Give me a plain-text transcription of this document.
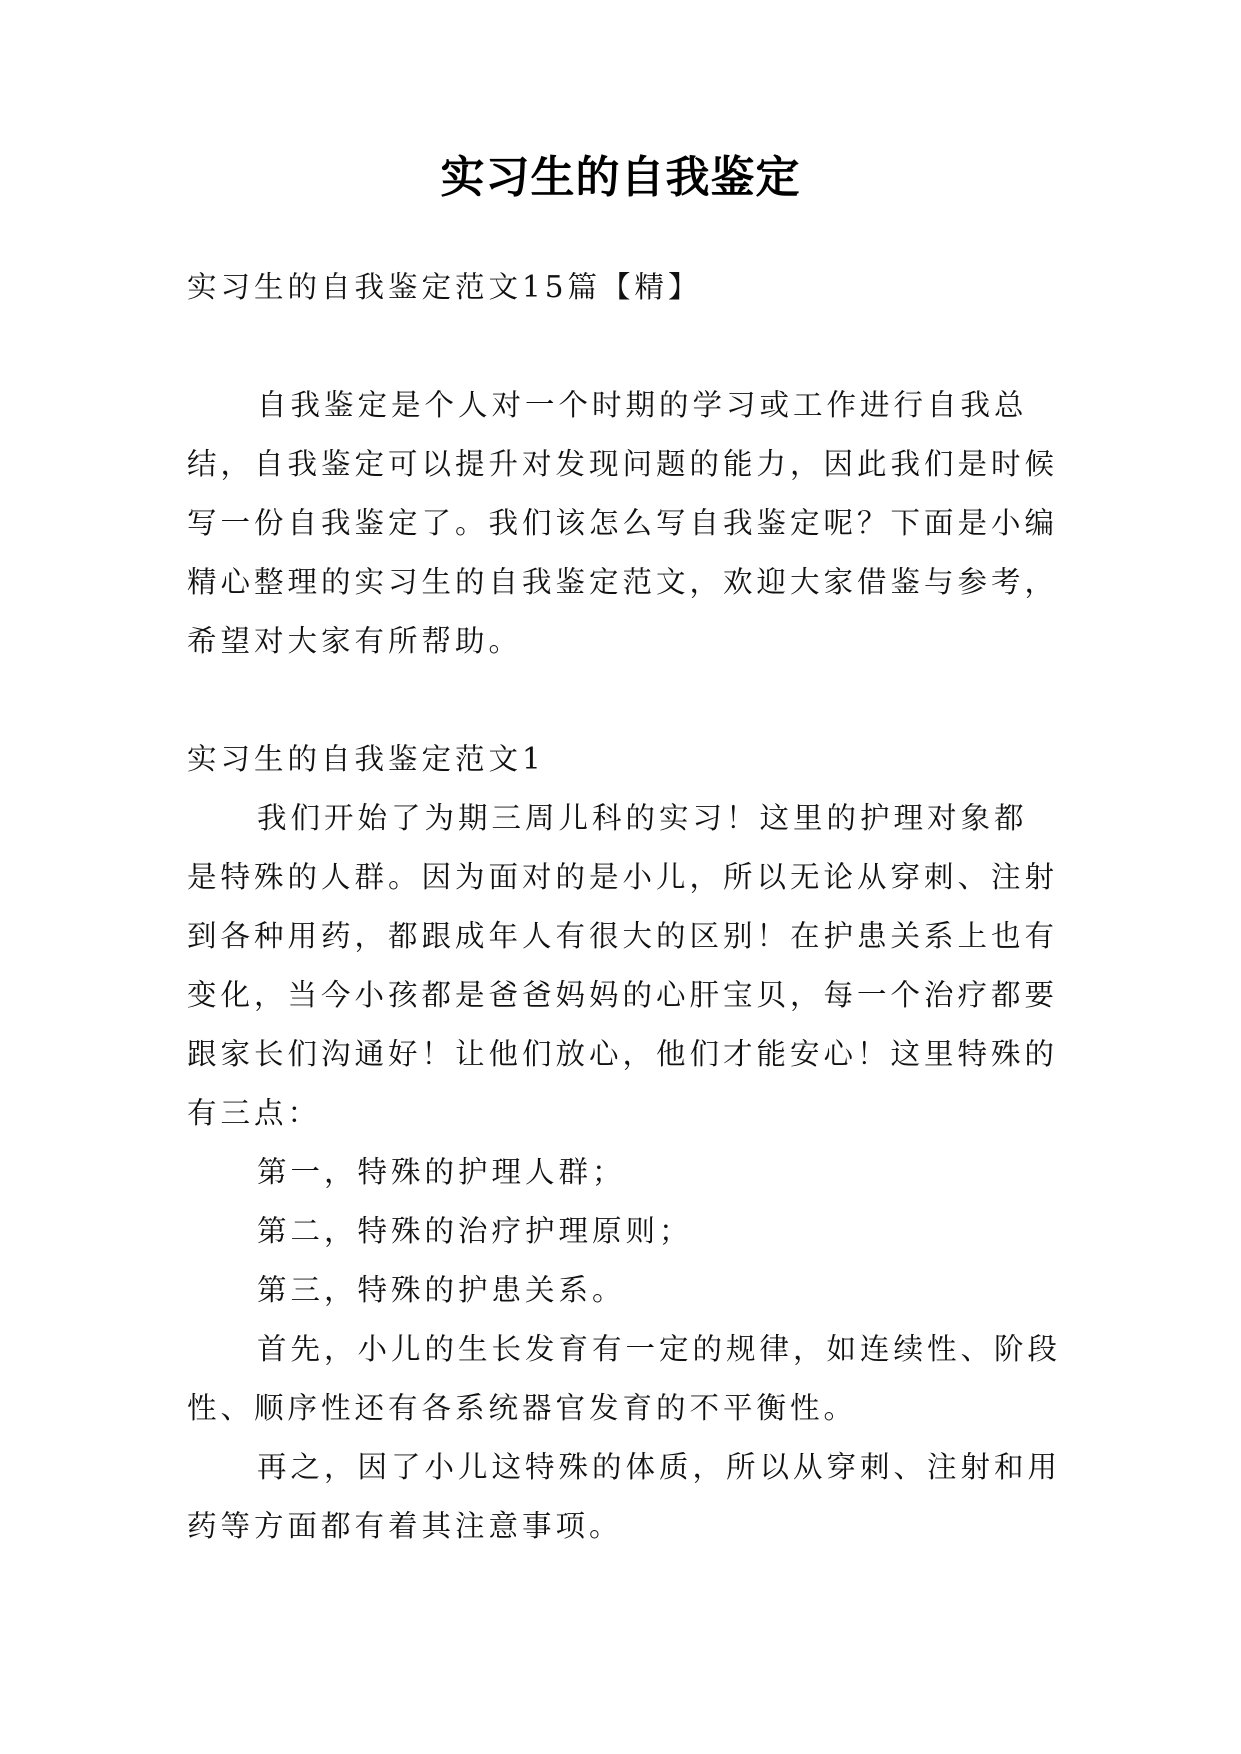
实习生的自我鉴定

实习生的自我鉴定范文15篇【精】

自我鉴定是个人对一个时期的学习或工作进行自我总

结，自我鉴定可以提升对发现问题的能力，因此我们是时候

写一份自我鉴定了。我们该怎么写自我鉴定呢？下面是小编

精心整理的实习生的自我鉴定范文，欢迎大家借鉴与参考，

希望对大家有所帮助。

实习生的自我鉴定范文1

我们开始了为期三周儿科的实习！这里的护理对象都

是特殊的人群。因为面对的是小儿，所以无论从穿刺、注射

到各种用药，都跟成年人有很大的区别！在护患关系上也有

变化，当今小孩都是爸爸妈妈的心肝宝贝，每一个治疗都要

跟家长们沟通好！让他们放心，他们才能安心！这里特殊的

有三点：

第一，特殊的护理人群；

第二，特殊的治疗护理原则；

第三，特殊的护患关系。

首先，小儿的生长发育有一定的规律，如连续性、阶段

性、顺序性还有各系统器官发育的不平衡性。

再之，因了小儿这特殊的体质，所以从穿刺、注射和用

药等方面都有着其注意事项。
